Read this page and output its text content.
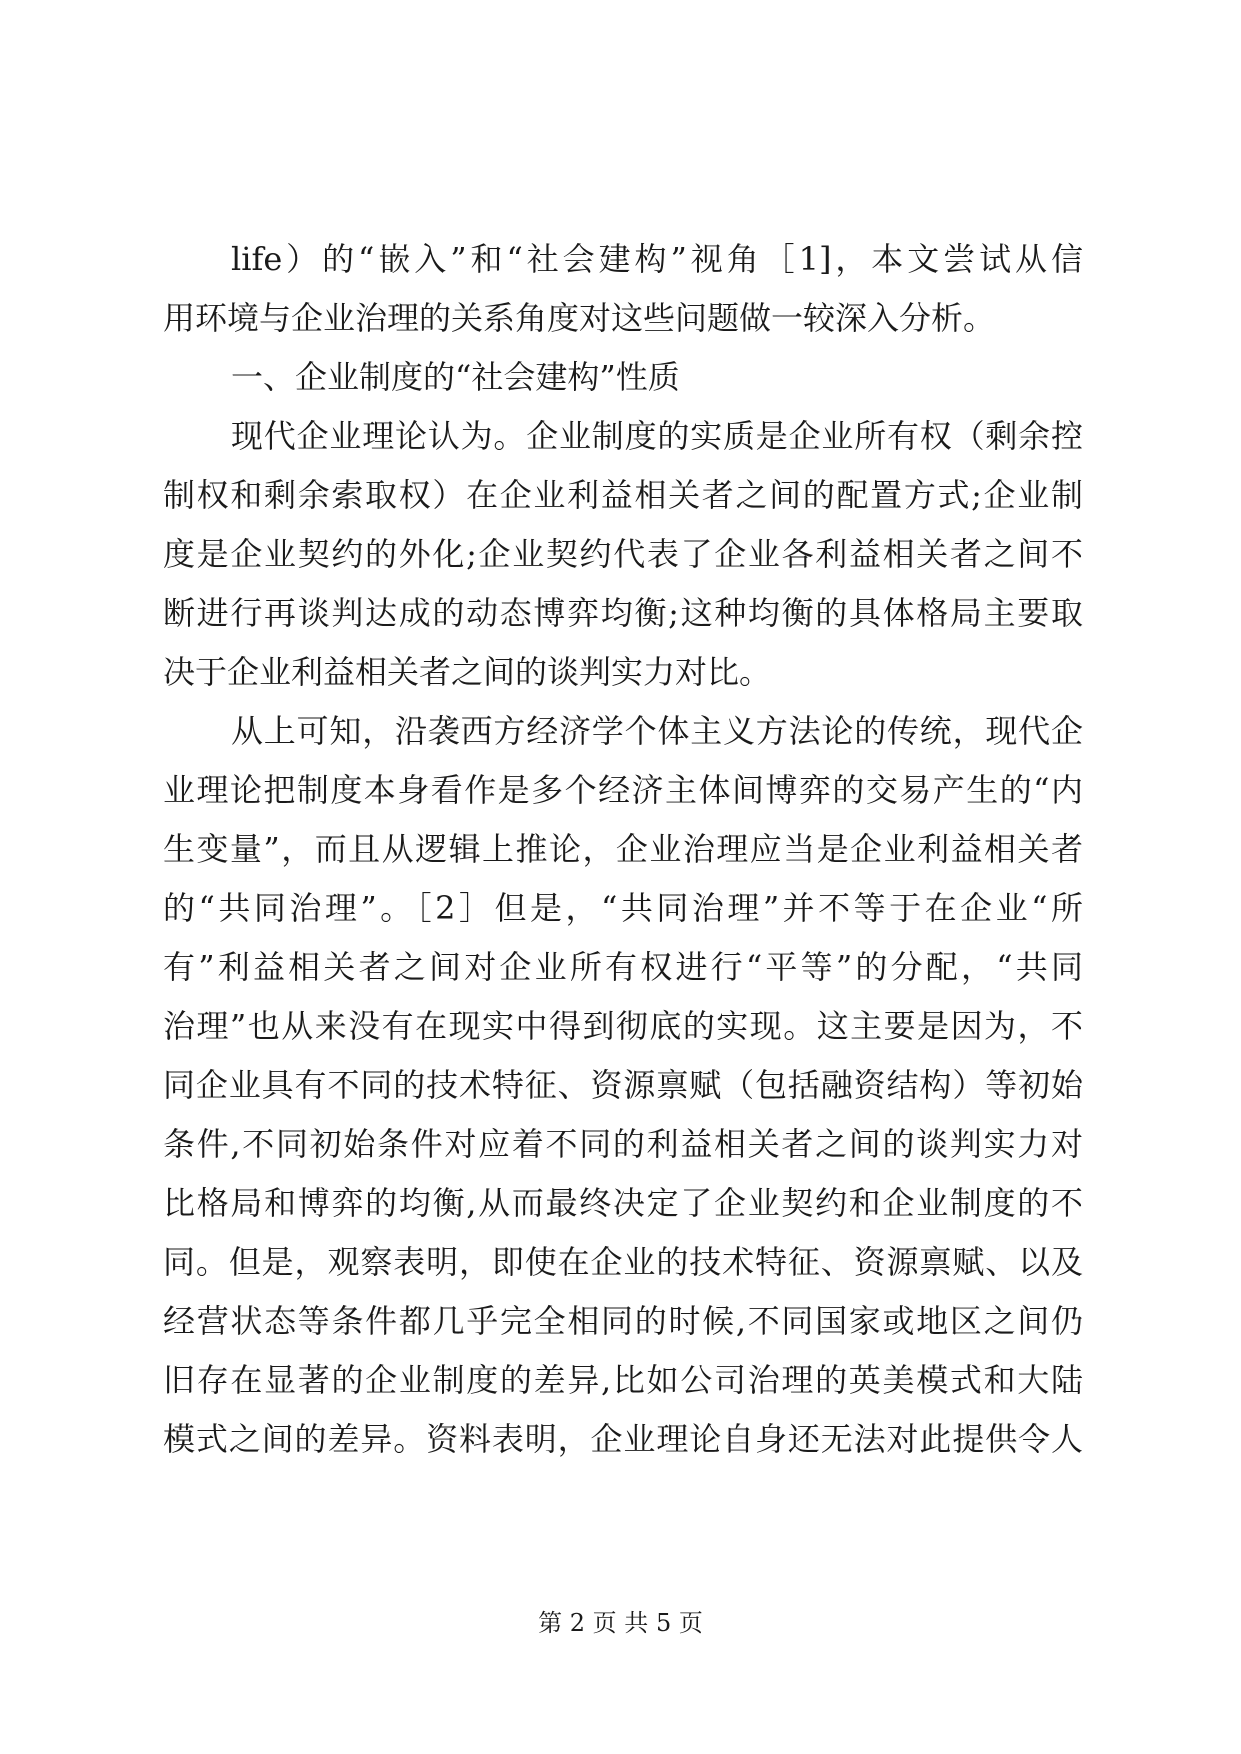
life）的“嵌入”和“社会建构”视角［1]，本文尝试从信
用环境与企业治理的关系角度对这些问题做一较深入分析。
一、企业制度的“社会建构”性质
现代企业理论认为。企业制度的实质是企业所有权（剩余控
制权和剩余索取权）在企业利益相关者之间的配置方式;企业制
度是企业契约的外化;企业契约代表了企业各利益相关者之间不
断进行再谈判达成的动态博弈均衡;这种均衡的具体格局主要取
决于企业利益相关者之间的谈判实力对比。
从上可知，沿袭西方经济学个体主义方法论的传统，现代企
业理论把制度本身看作是多个经济主体间博弈的交易产生的“内
生变量”，而且从逻辑上推论，企业治理应当是企业利益相关者
的“共同治理”。［2］但是，“共同治理”并不等于在企业“所
有”利益相关者之间对企业所有权进行“平等”的分配，“共同
治理”也从来没有在现实中得到彻底的实现。这主要是因为，不
同企业具有不同的技术特征、资源禀赋（包括融资结构）等初始
条件,不同初始条件对应着不同的利益相关者之间的谈判实力对
比格局和博弈的均衡,从而最终决定了企业契约和企业制度的不
同。但是，观察表明，即使在企业的技术特征、资源禀赋、以及
经营状态等条件都几乎完全相同的时候,不同国家或地区之间仍
旧存在显著的企业制度的差异,比如公司治理的英美模式和大陆
模式之间的差异。资料表明，企业理论自身还无法对此提供令人
第 2 页 共 5 页
